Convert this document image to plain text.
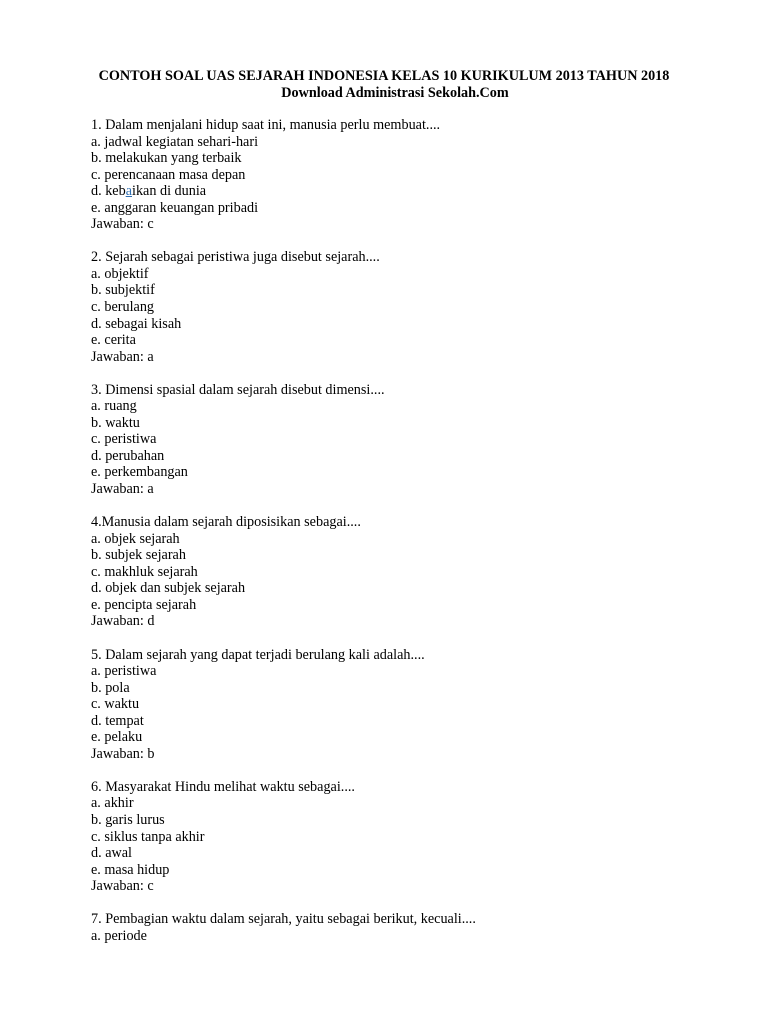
CONTOH SOAL UAS SEJARAH INDONESIA KELAS 10 KURIKULUM 2013 TAHUN 2018
Download Administrasi Sekolah.Com
1. Dalam menjalani hidup saat ini, manusia perlu membuat....
a. jadwal kegiatan sehari-hari
b. melakukan yang terbaik
c. perencanaan masa depan
d. kebaikan di dunia
e. anggaran keuangan pribadi
Jawaban: c
2. Sejarah sebagai peristiwa juga disebut sejarah....
a. objektif
b. subjektif
c. berulang
d. sebagai kisah
e. cerita
Jawaban: a
3. Dimensi spasial dalam sejarah disebut dimensi....
a. ruang
b. waktu
c. peristiwa
d. perubahan
e. perkembangan
Jawaban: a
4.Manusia dalam sejarah diposisikan sebagai....
a. objek sejarah
b. subjek sejarah
c. makhluk sejarah
d. objek dan subjek sejarah
e. pencipta sejarah
Jawaban: d
5. Dalam sejarah yang dapat terjadi berulang kali adalah....
a. peristiwa
b. pola
c. waktu
d. tempat
e. pelaku
Jawaban: b
6. Masyarakat Hindu melihat waktu sebagai....
a. akhir
b. garis lurus
c. siklus tanpa akhir
d. awal
e. masa hidup
Jawaban: c
7. Pembagian waktu dalam sejarah, yaitu sebagai berikut, kecuali....
a. periode
